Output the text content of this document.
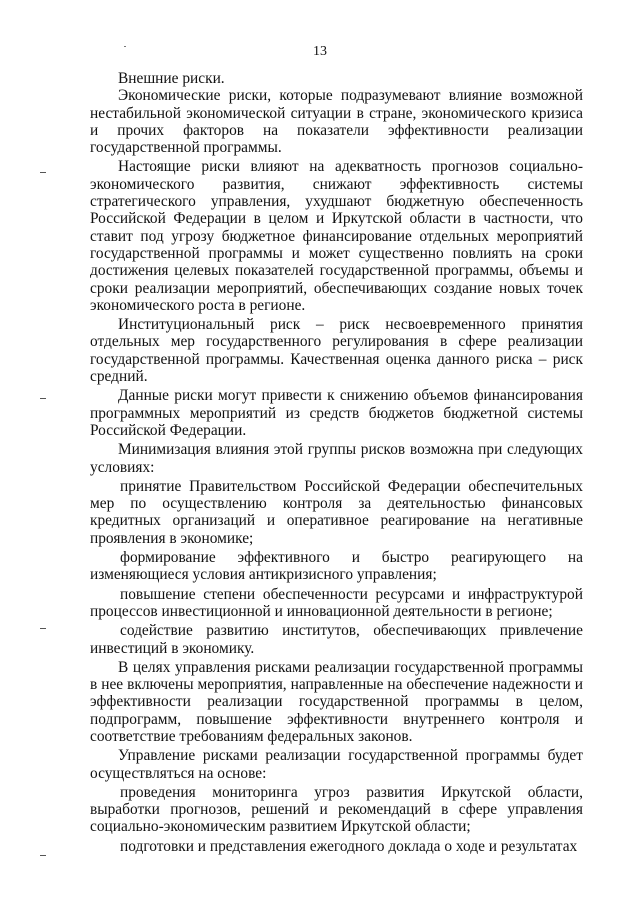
13

Внешние риски.

Экономические риски, которые подразумевают влияние возможной нестабильной экономической ситуации в стране, экономического кризиса и прочих факторов на показатели эффективности реализации государственной программы.

Настоящие риски влияют на адекватность прогнозов социально-экономического развития, снижают эффективность системы стратегического управления, ухудшают бюджетную обеспеченность Российской Федерации в целом и Иркутской области в частности, что ставит под угрозу бюджетное финансирование отдельных мероприятий государственной программы и может существенно повлиять на сроки достижения целевых показателей государственной программы, объемы и сроки реализации мероприятий, обеспечивающих создание новых точек экономического роста в регионе.

Институциональный риск – риск несвоевременного принятия отдельных мер государственного регулирования в сфере реализации государственной программы. Качественная оценка данного риска – риск средний.

Данные риски могут привести к снижению объемов финансирования программных мероприятий из средств бюджетов бюджетной системы Российской Федерации.

Минимизация влияния этой группы рисков возможна при следующих условиях:

принятие Правительством Российской Федерации обеспечительных мер по осуществлению контроля за деятельностью финансовых кредитных организаций и оперативное реагирование на негативные проявления в экономике;

формирование эффективного и быстро реагирующего на изменяющиеся условия антикризисного управления;

повышение степени обеспеченности ресурсами и инфраструктурой процессов инвестиционной и инновационной деятельности в регионе;

содействие развитию институтов, обеспечивающих привлечение инвестиций в экономику.

В целях управления рисками реализации государственной программы в нее включены мероприятия, направленные на обеспечение надежности и эффективности реализации государственной программы в целом, подпрограмм, повышение эффективности внутреннего контроля и соответствие требованиям федеральных законов.

Управление рисками реализации государственной программы будет осуществляться на основе:

проведения мониторинга угроз развития Иркутской области, выработки прогнозов, решений и рекомендаций в сфере управления социально-экономическим развитием Иркутской области;

подготовки и представления ежегодного доклада о ходе и результатах
